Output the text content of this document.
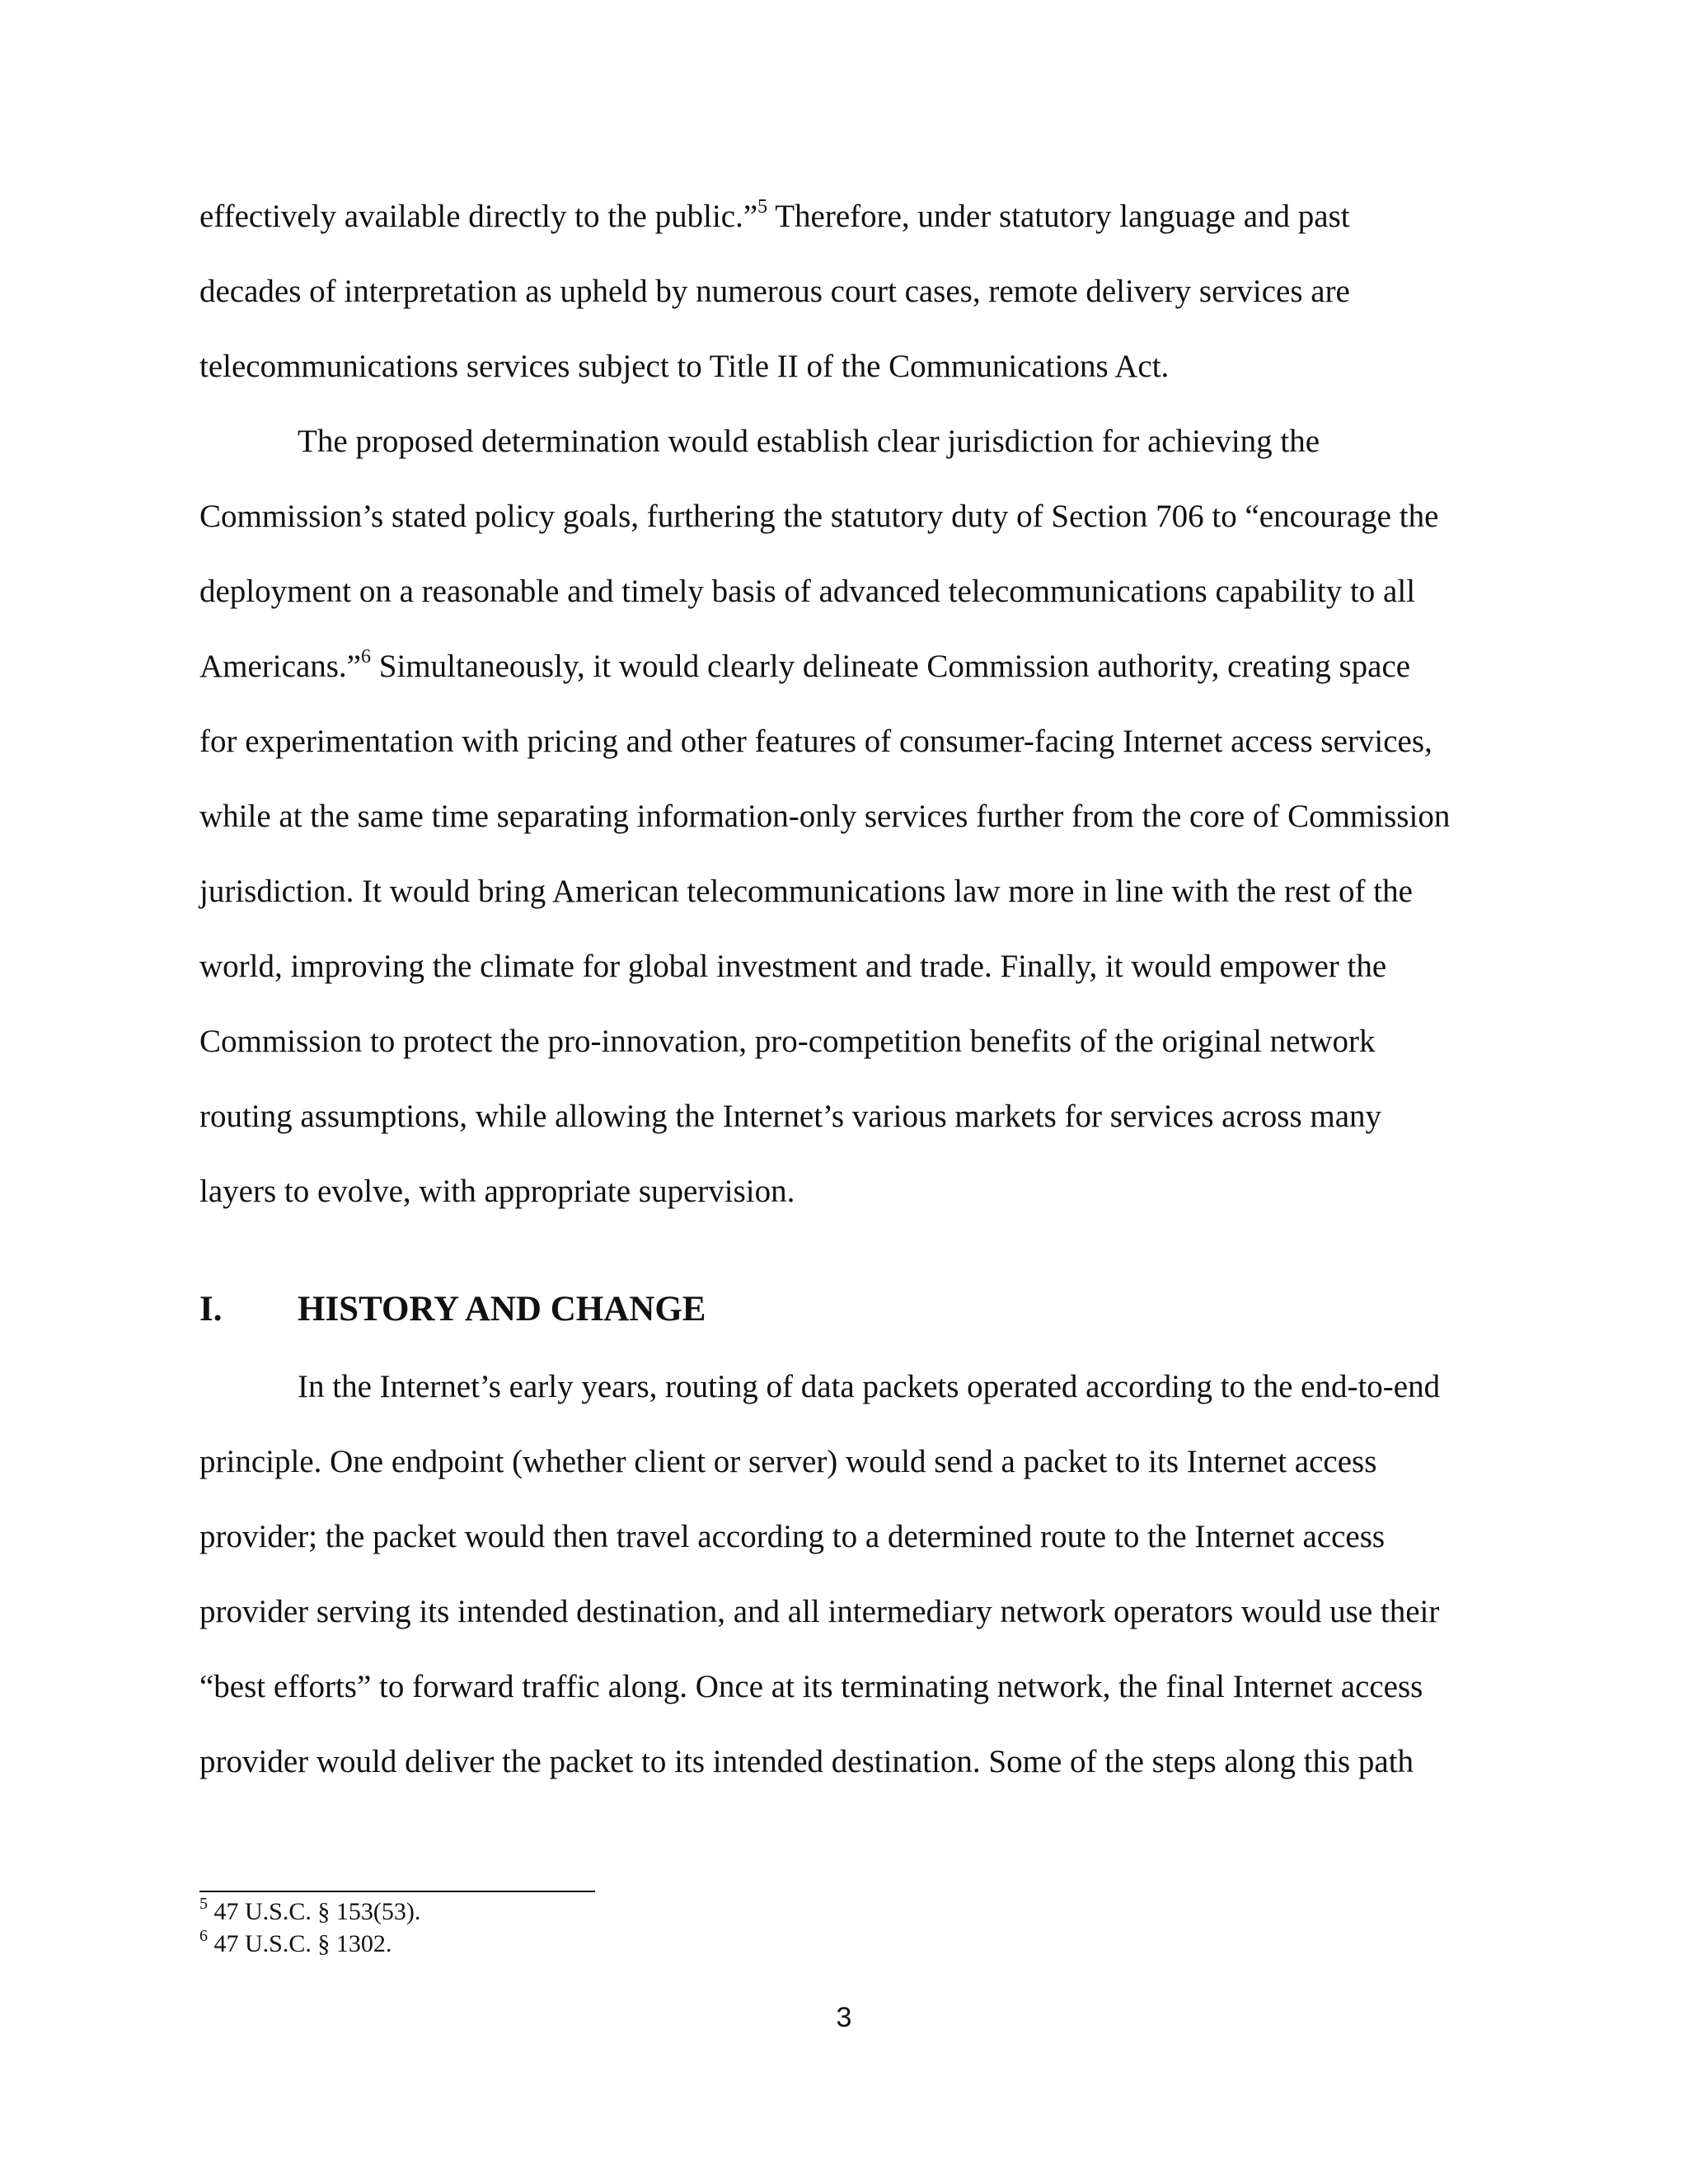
effectively available directly to the public.”$^5$ Therefore, under statutory language and past
decades of interpretation as upheld by numerous court cases, remote delivery services are
telecommunications services subject to Title II of the Communications Act.
The proposed determination would establish clear jurisdiction for achieving the
Commission’s stated policy goals, furthering the statutory duty of Section 706 to “encourage the
deployment on a reasonable and timely basis of advanced telecommunications capability to all
Americans.”$^6$ Simultaneously, it would clearly delineate Commission authority, creating space
for experimentation with pricing and other features of consumer-facing Internet access services,
while at the same time separating information-only services further from the core of Commission
jurisdiction. It would bring American telecommunications law more in line with the rest of the
world, improving the climate for global investment and trade. Finally, it would empower the
Commission to protect the pro-innovation, pro-competition benefits of the original network
routing assumptions, while allowing the Internet’s various markets for services across many
layers to evolve, with appropriate supervision.
I. HISTORY AND CHANGE
In the Internet’s early years, routing of data packets operated according to the end-to-end
principle. One endpoint (whether client or server) would send a packet to its Internet access
provider; the packet would then travel according to a determined route to the Internet access
provider serving its intended destination, and all intermediary network operators would use their
“best efforts” to forward traffic along. Once at its terminating network, the final Internet access
provider would deliver the packet to its intended destination. Some of the steps along this path
$^5$ 47 U.S.C. § 153(53).
$^6$ 47 U.S.C. § 1302.
3
